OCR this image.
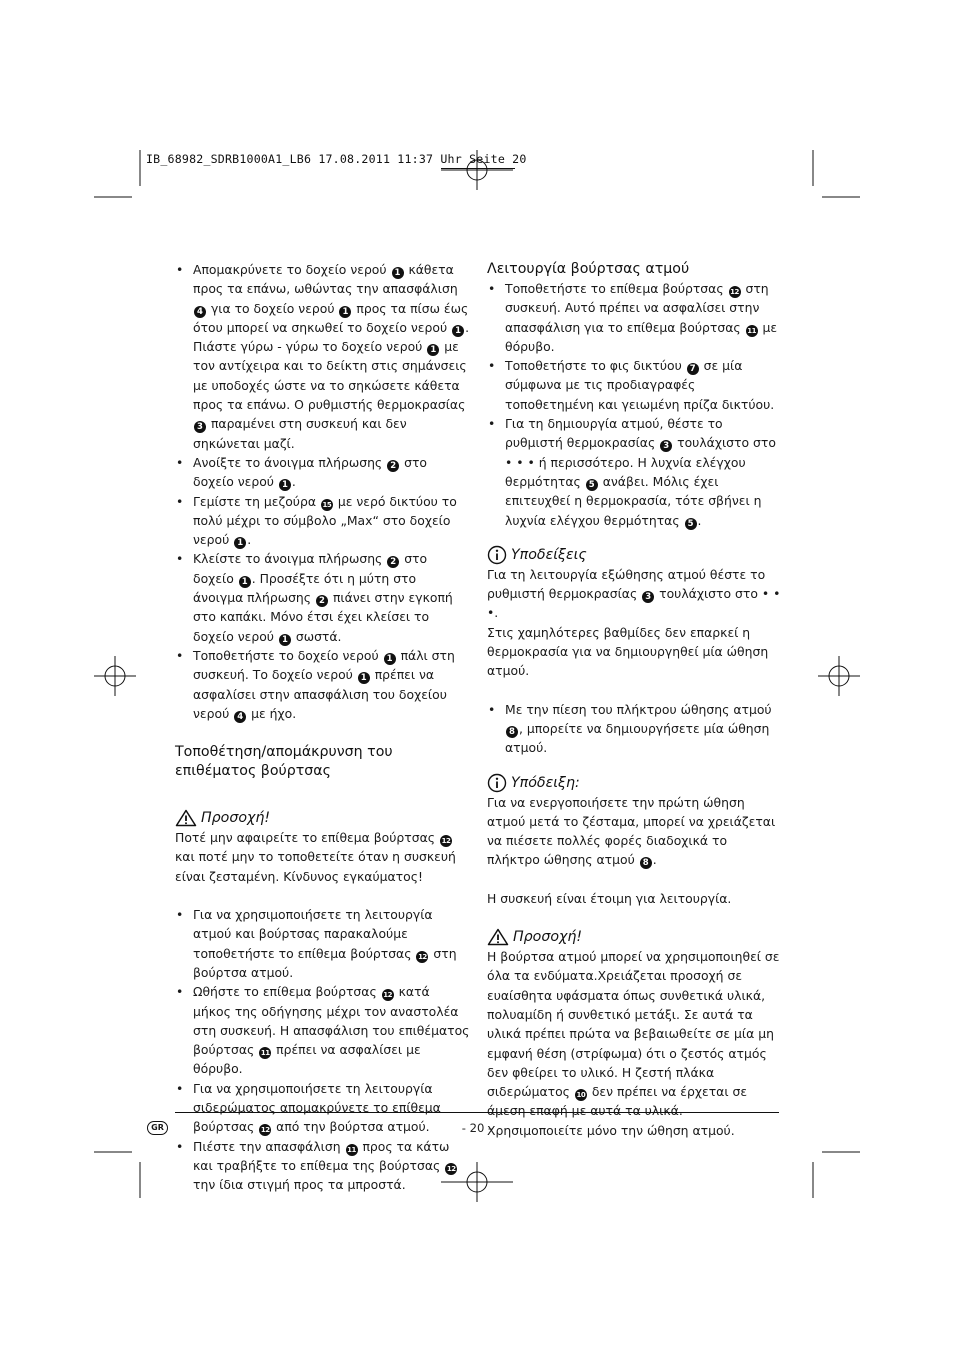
IB_68982_SDRB1000A1_LB6 17.08.2011 11:37 Uhr Seite 20
• Απομακρύνετε το δοχείο νερού 1 κάθετα προς τα επάνω, ωθώντας την απασφάλιση 4 για το δοχείο νερού 1 προς τα πίσω έως ότου μπορεί να σηκωθεί το δοχείο νερού 1 . Πιάστε γύρω - γύρω το δοχείο νερού 1 με τον αντίχειρα και το δείκτη στις σημάνσεις με υποδοχές ώστε να το σηκώσετε κάθετα προς τα επάνω. Ο ρυθμιστής θερμοκρασίας 3 παραμένει στη συσκευή και δεν σηκώνεται μαζί.
• Ανοίξτε το άνοιγμα πλήρωσης 2 στο δοχείο νερού 1 .
• Γεμίστε τη μεζούρα 15 με νερό δικτύου το πολύ μέχρι το σύμβολο „Max“ στο δοχείο νερού 1 .
• Κλείστε το άνοιγμα πλήρωσης 2 στο δοχείο 1 . Προσέξτε ότι η μύτη στο άνοιγμα πλήρωσης 2 πιάνει στην εγκοπή στο καπάκι. Μόνο έτσι έχει κλείσει το δοχείο νερού 1 σωστά.
• Τοποθετήστε το δοχείο νερού 1 πάλι στη συσκευή. Το δοχείο νερού 1 πρέπει να ασφαλίσει στην απασφάλιση του δοχείου νερού 4 με ήχο.
Τοποθέτηση/απομάκρυνση του επιθέματος βούρτσας
Προσοχή!

Ποτέ μην αφαιρείτε το επίθεμα βούρτσας 12 και ποτέ μην το τοποθετείτε όταν η συσκευή είναι ζεσταμένη. Κίνδυνος εγκαύματος!

• Για να χρησιμοποιήσετε τη λειτουργία ατμού και βούρτσας παρακαλούμε τοποθετήστε το επίθεμα βούρτσας 12 στη βούρτσα ατμού.
• Ωθήστε το επίθεμα βούρτσας 12 κατά μήκος της οδήγησης μέχρι τον αναστολέα στη συσκευή. Η απασφάλιση του επιθέματος βούρτσας 11 πρέπει να ασφαλίσει με θόρυβο.
• Για να χρησιμοποιήσετε τη λειτουργία σιδερώματος απομακρύνετε το επίθεμα βούρτσας 12 από την βούρτσα ατμού.
• Πιέστε την απασφάλιση 11 προς τα κάτω και τραβήξτε το επίθεμα της βούρτσας 12 την ίδια στιγμή προς τα μπροστά.
Λειτουργία βούρτσας ατμού
• Τοποθετήστε το επίθεμα βούρτσας 12 στη συσκευή. Αυτό πρέπει να ασφαλίσει στην απασφάλιση για το επίθεμα βούρτσας 11 με θόρυβο.
• Τοποθετήστε το φις δικτύου 7 σε μία σύμφωνα με τις προδιαγραφές τοποθετημένη και γειωμένη πρίζα δικτύου.
• Για τη δημιουργία ατμού, θέστε το ρυθμιστή θερμοκρασίας 3 τουλάχιστο στο • • • ή περισσότερο. Η λυχνία ελέγχου θερμότητας 5 ανάβει. Μόλις έχει επιτευχθεί η θερμοκρασία, τότε σβήνει η λυχνία ελέγχου θερμότητας 5 .
Υποδείξεις

Για τη λειτουργία εξώθησης ατμού θέστε το ρυθμιστή θερμοκρασίας 3 τουλάχιστο στο • • •.

Στις χαμηλότερες βαθμίδες δεν επαρκεί η θερμοκρασία για να δημιουργηθεί μία ώθηση ατμού.

• Με την πίεση του πλήκτρου ώθησης ατμού 8 , μπορείτε να δημιουργήσετε μία ώθηση ατμού.
Υπόδειξη:

Για να ενεργοποιήσετε την πρώτη ώθηση ατμού μετά το ζέσταμα, μπορεί να χρειάζεται να πιέσετε πολλές φορές διαδοχικά το πλήκτρο ώθησης ατμού 8 .

Η συσκευή είναι έτοιμη για λειτουργία.

Προσοχή!

Η βούρτσα ατμού μπορεί να χρησιμοποιηθεί σε όλα τα ενδύματα.Χρειάζεται προσοχή σε ευαίσθητα υφάσματα όπως συνθετικά υλικά, πολυαμίδη ή συνθετικό μετάξι. Σε αυτά τα υλικά πρέπει πρώτα να βεβαιωθείτε σε μία μη εμφανή θέση (στρίφωμα) ότι ο ζεστός ατμός δεν φθείρει το υλικό. Η ζεστή πλάκα σιδερώματος 10 δεν πρέπει να έρχεται σε άμεση επαφή με αυτά τα υλικά. Χρησιμοποιείτε μόνο την ώθηση ατμού.

GR	- 20 -
